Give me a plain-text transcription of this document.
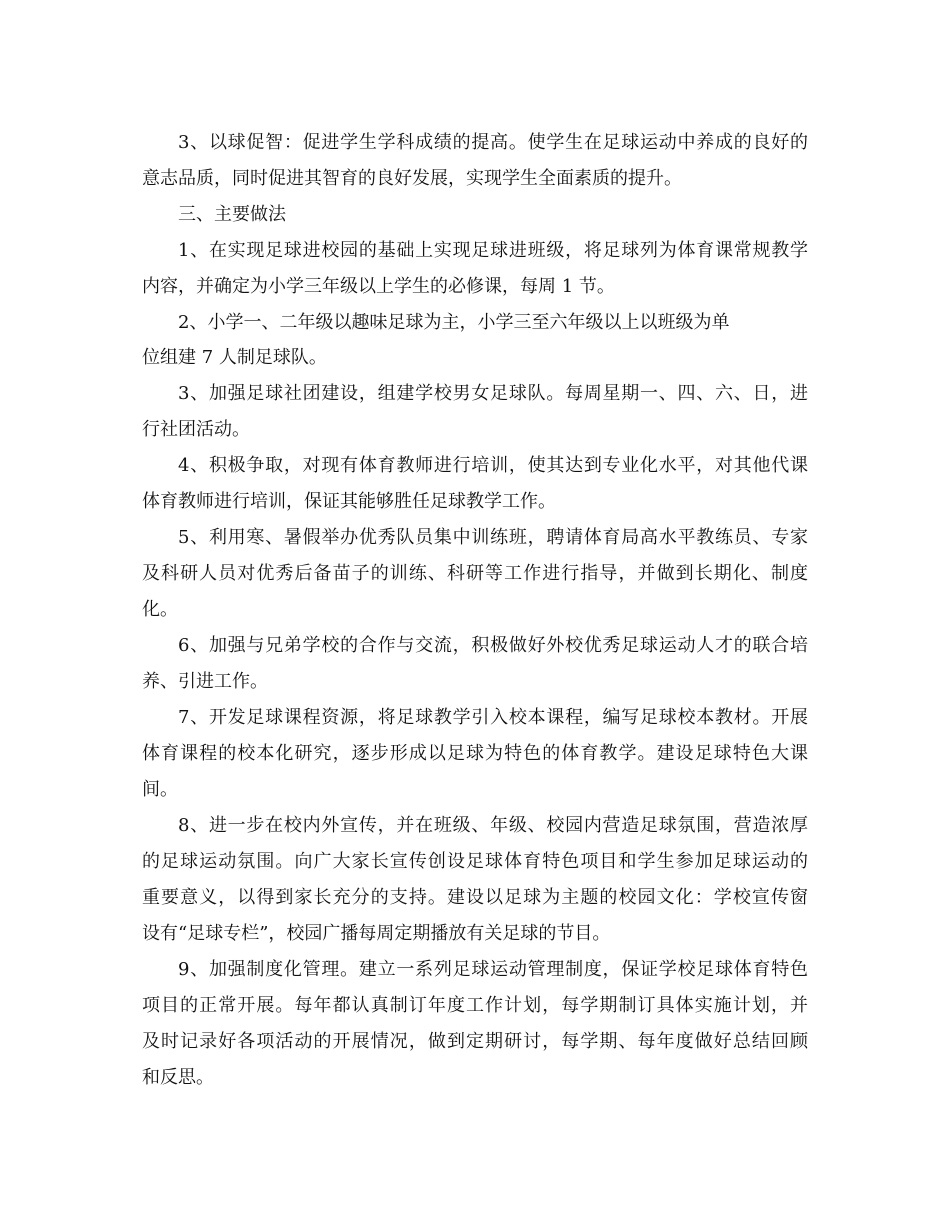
3、以球促智：促进学生学科成绩的提高。使学生在足球运动中养成的良好的
意志品质，同时促进其智育的良好发展，实现学生全面素质的提升。
三、主要做法
1、在实现足球进校园的基础上实现足球进班级，将足球列为体育课常规教学
内容，并确定为小学三年级以上学生的必修课，每周 1 节。
2、小学一、二年级以趣味足球为主，小学三至六年级以上以班级为单
位组建 7 人制足球队。
3、加强足球社团建设，组建学校男女足球队。每周星期一、四、六、日，进
行社团活动。
4、积极争取，对现有体育教师进行培训，使其达到专业化水平，对其他代课
体育教师进行培训，保证其能够胜任足球教学工作。
5、利用寒、暑假举办优秀队员集中训练班，聘请体育局高水平教练员、专家
及科研人员对优秀后备苗子的训练、科研等工作进行指导，并做到长期化、制度
化。
6、加强与兄弟学校的合作与交流，积极做好外校优秀足球运动人才的联合培
养、引进工作。
7、开发足球课程资源，将足球教学引入校本课程，编写足球校本教材。开展
体育课程的校本化研究，逐步形成以足球为特色的体育教学。建设足球特色大课
间。
8、进一步在校内外宣传，并在班级、年级、校园内营造足球氛围，营造浓厚
的足球运动氛围。向广大家长宣传创设足球体育特色项目和学生参加足球运动的
重要意义，以得到家长充分的支持。建设以足球为主题的校园文化：学校宣传窗
设有“足球专栏”，校园广播每周定期播放有关足球的节目。
9、加强制度化管理。建立一系列足球运动管理制度，保证学校足球体育特色
项目的正常开展。每年都认真制订年度工作计划，每学期制订具体实施计划，并
及时记录好各项活动的开展情况，做到定期研讨，每学期、每年度做好总结回顾
和反思。
